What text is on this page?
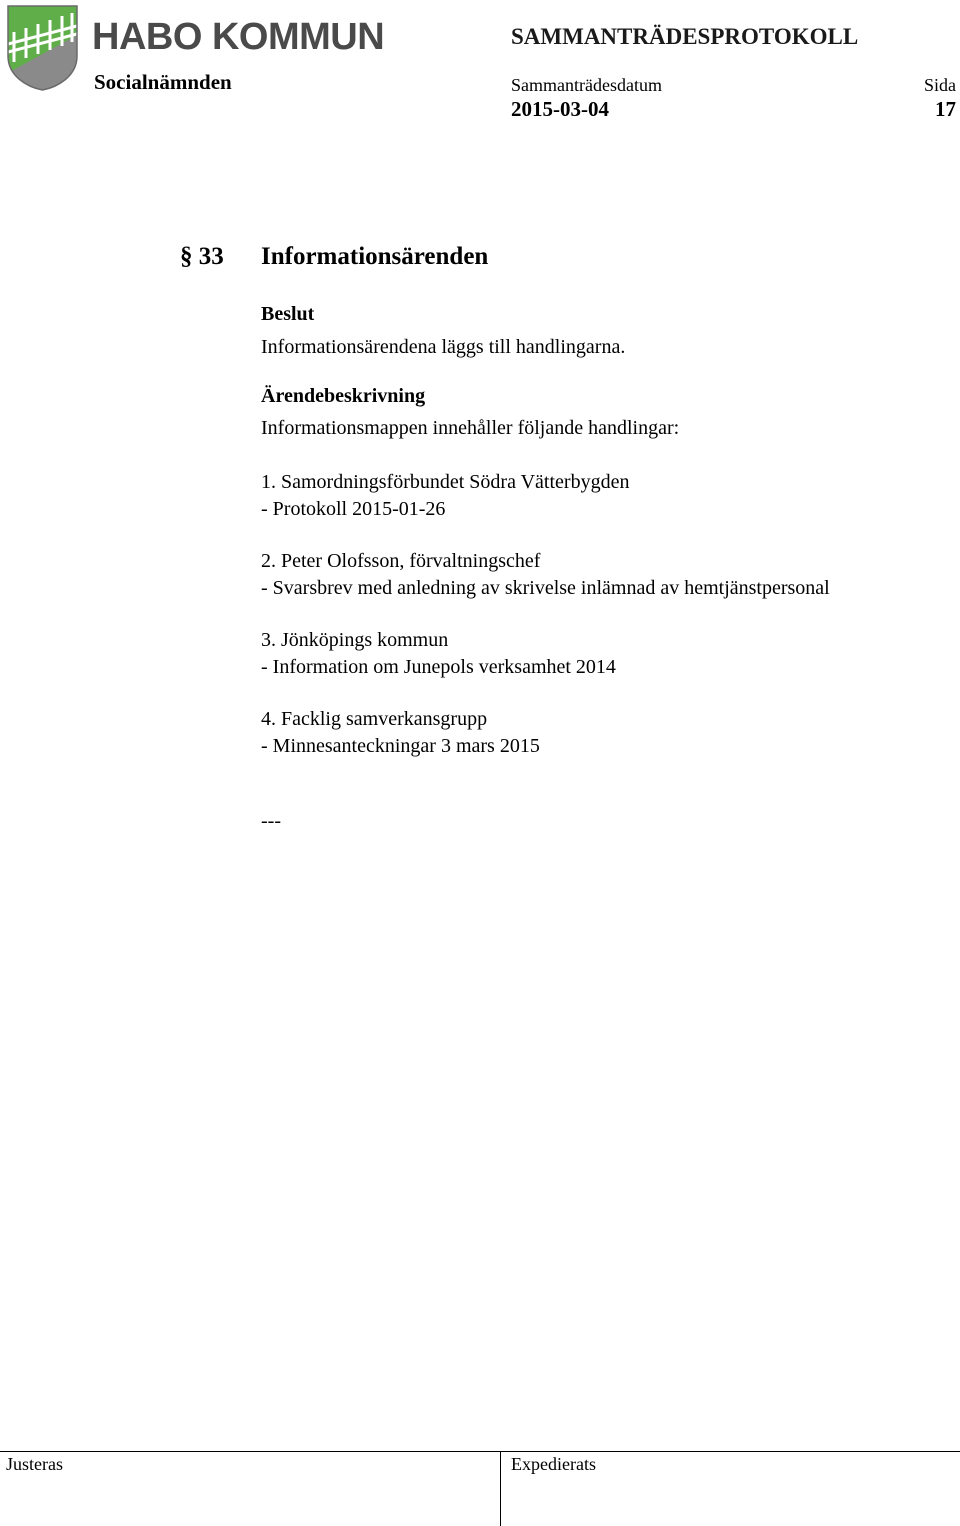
HABO KOMMUN
Socialnämnden
SAMMANTRÄDESPROTOKOLL
Sammanträdesdatum
2015-03-04
Sida
17
§ 33 Informationsärenden
Beslut
Informationsärendena läggs till handlingarna.
Ärendebeskrivning
Informationsmappen innehåller följande handlingar:
1. Samordningsförbundet Södra Vätterbygden
- Protokoll 2015-01-26
2. Peter Olofsson, förvaltningschef
- Svarsbrev med anledning av skrivelse inlämnad av hemtjänstpersonal
3. Jönköpings kommun
- Information om Junepols verksamhet 2014
4. Facklig samverkansgrupp
- Minnesanteckningar 3 mars 2015
---
Justeras	Expedierats
